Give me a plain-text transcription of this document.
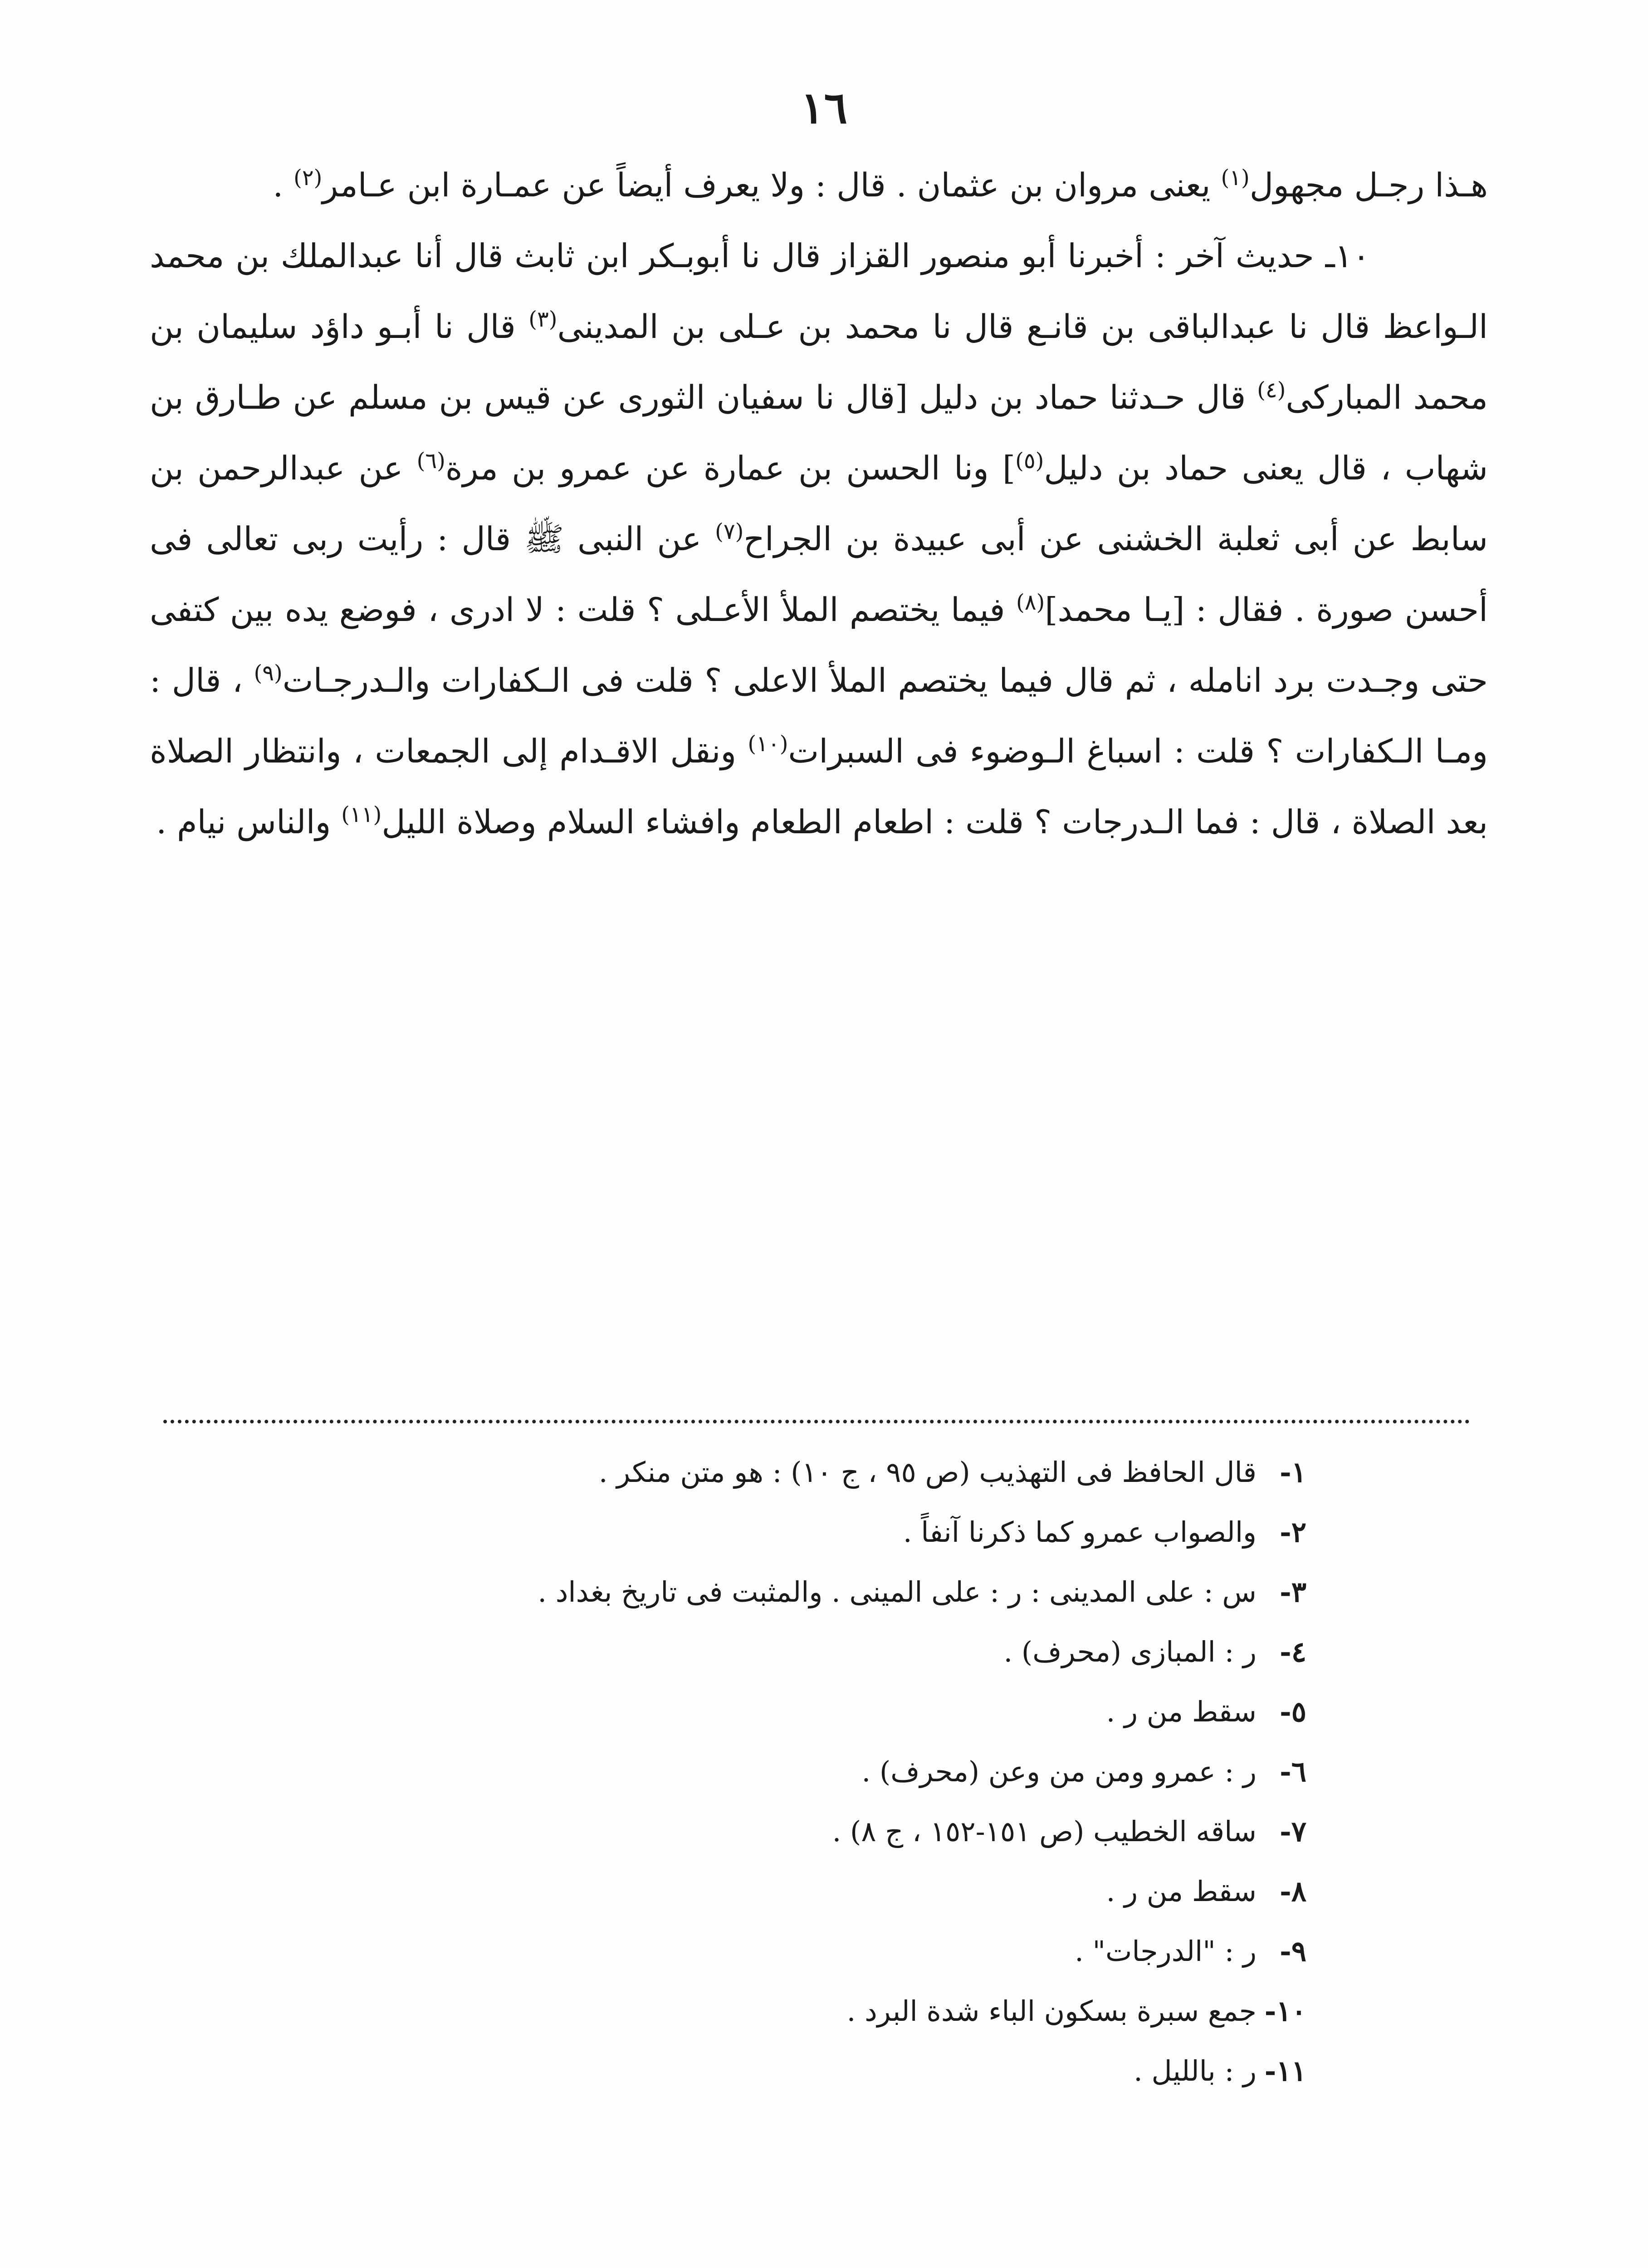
١٦

هـذا رجـل مجهول$^{(١)}$ يعنى مروان بن عثمان . قال : ولا يعرف أيضاً عن عمـارة ابن عـامر$^{(٢)}$ .

١٠ـ حديث آخر : أخبرنا أبو منصور القزاز قال نا أبوبـكر ابن ثابث قال أنا عبدالملك بن محمد الـواعظ قال نا عبدالباقى بن قانـع قال نا محمد بن عـلى بن المدينى$^{(٣)}$ قال نا أبـو داؤد سليمان بن محمد المباركى$^{(٤)}$ قال حـدثنا حماد بن دليل [قال نا سفيان الثورى عن قيس بن مسلم عن طـارق بن شهاب ، قال يعنى حماد بن دليل$^{(٥)}$] ونا الحسن بن عمارة عن عمرو بن مرة$^{(٦)}$ عن عبدالرحمن بن سابط عن أبى ثعلبة الخشنى عن أبى عبيدة بن الجراح$^{(٧)}$ عن النبى ﷺ قال : رأيت ربى تعالى فى أحسن صورة . فقال : [يـا محمد]$^{(٨)}$ فيما يختصم الملأ الأعـلى ؟ قلت : لا ادرى ، فوضع يده بين كتفى حتى وجـدت برد انامله ، ثم قال فيما يختصم الملأ الاعلى ؟ قلت فى الـكفارات والـدرجـات$^{(٩)}$ ، قال : ومـا الـكفارات ؟ قلت : اسباغ الـوضوء فى السبرات$^{(١٠)}$ ونقل الاقـدام إلى الجمعات ، وانتظار الصلاة بعد الصلاة ، قال : فما الـدرجات ؟ قلت : اطعام الطعام وافشاء السلام وصلاة الليل$^{(١١)}$ والناس نيام .

١-قال الحافظ فى التهذيب (ص ٩٥ ، ج ١٠) : هو متن منكر .
٢-والصواب عمرو كما ذكرنا آنفاً .
٣-س : على المدينى : ر : على المينى . والمثبت فى تاريخ بغداد .
٤-ر : المبازى (محرف) .
٥-سقط من ر .
٦-ر : عمرو ومن من وعن (محرف) .
٧-ساقه الخطيب (ص ١٥١-١٥٢ ، ج ٨) .
٨-سقط من ر .
٩-ر : "الدرجات" .
١٠-جمع سبرة بسكون الباء شدة البرد .
١١-ر : بالليل .
